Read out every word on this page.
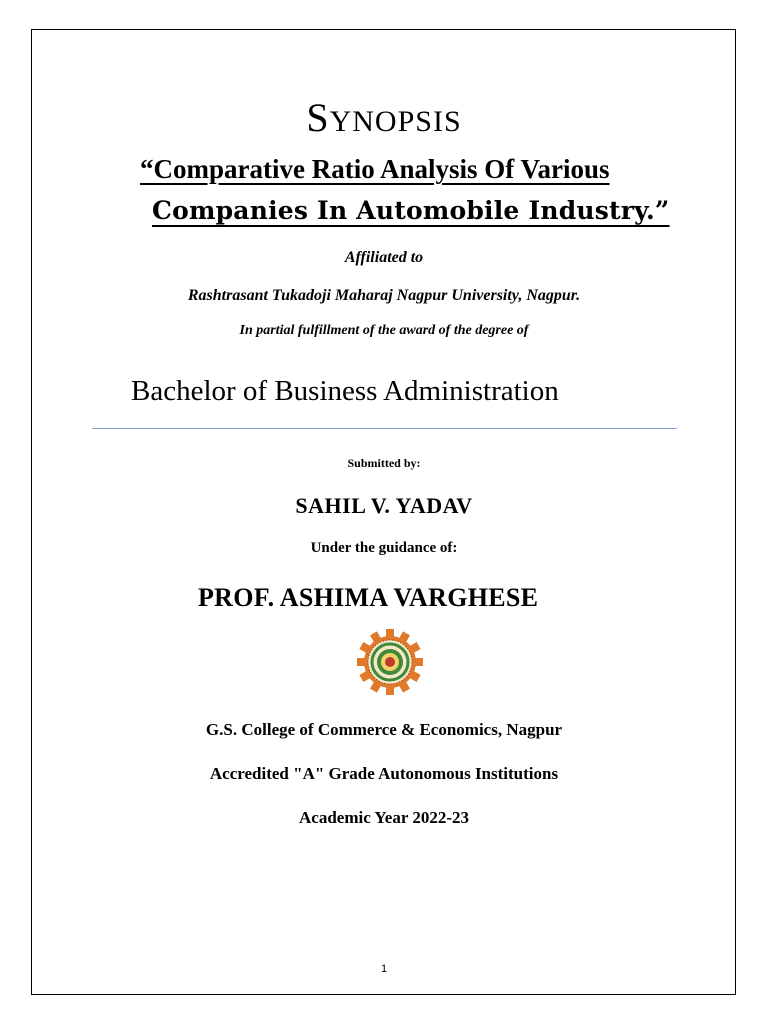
SYNOPSIS
“Comparative Ratio Analysis Of Various
Companies In Automobile Industry.”
Affiliated to
Rashtrasant Tukadoji Maharaj Nagpur University, Nagpur.
In partial fulfillment of the award of the degree of
Bachelor of Business Administration
Submitted by:
SAHIL V. YADAV
Under the guidance of:
PROF. ASHIMA VARGHESE
G.S. College of Commerce & Economics, Nagpur
Accredited "A" Grade Autonomous Institutions
Academic Year 2022-23
1
